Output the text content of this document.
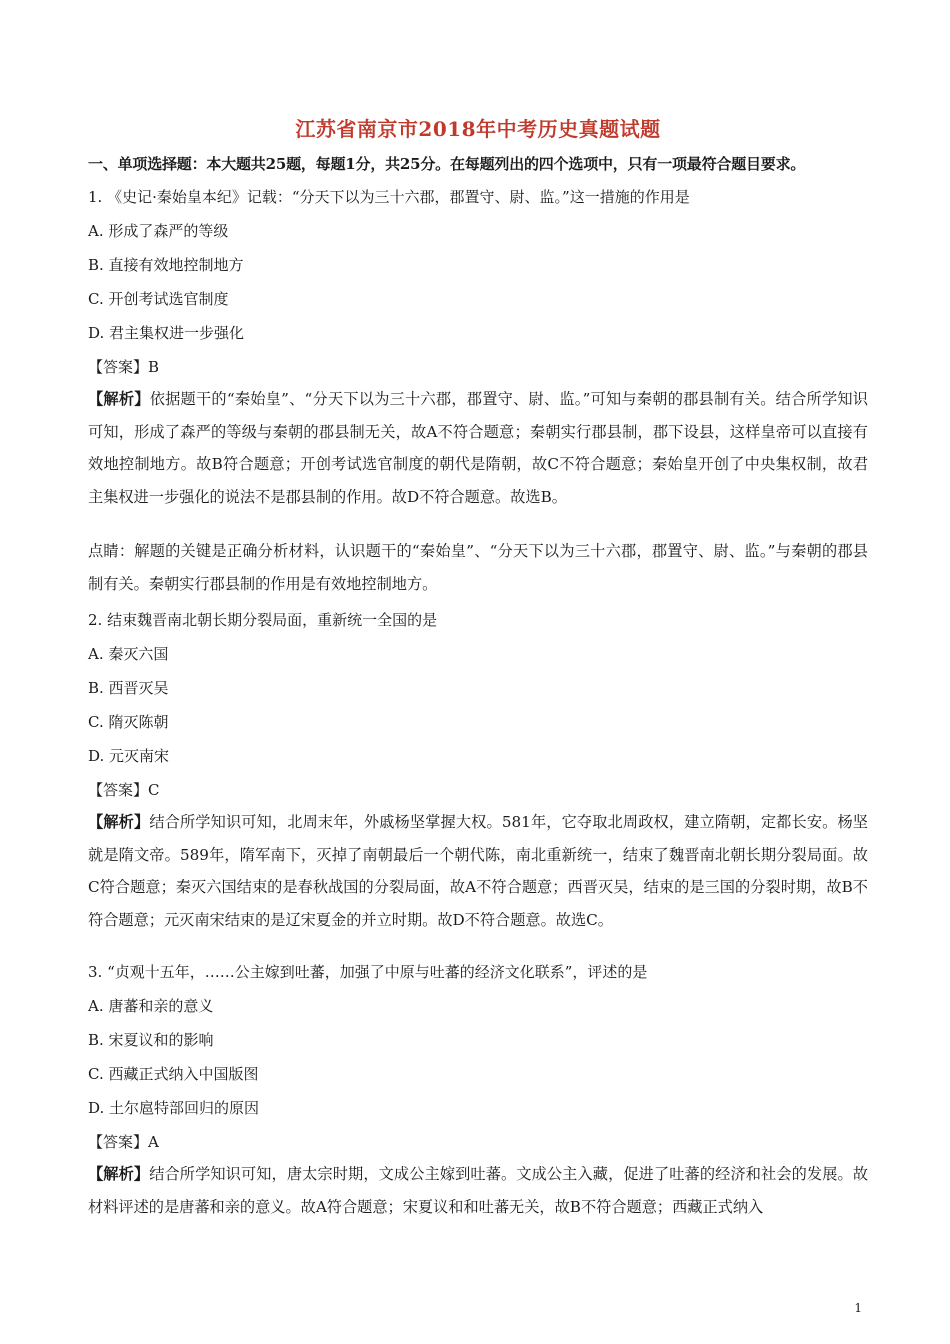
江苏省南京市2018年中考历史真题试题
一、单项选择题：本大题共25题，每题1分，共25分。在每题列出的四个选项中，只有一项最符合题目要求。
1. 《史记·秦始皇本纪》记载：“分天下以为三十六郡，郡置守、尉、监。”这一措施的作用是
A. 形成了森严的等级
B. 直接有效地控制地方
C. 开创考试选官制度
D. 君主集权进一步强化
【答案】B
【解析】依据题干的“秦始皇”、“分天下以为三十六郡，郡置守、尉、监。”可知与秦朝的郡县制有关。结合所学知识可知，形成了森严的等级与秦朝的郡县制无关，故A不符合题意；秦朝实行郡县制，郡下设县，这样皇帝可以直接有效地控制地方。故B符合题意；开创考试选官制度的朝代是隋朝，故C不符合题意；秦始皇开创了中央集权制，故君主集权进一步强化的说法不是郡县制的作用。故D不符合题意。故选B。
点睛：解题的关键是正确分析材料，认识题干的“秦始皇”、“分天下以为三十六郡，郡置守、尉、监。”与秦朝的郡县制有关。秦朝实行郡县制的作用是有效地控制地方。
2. 结束魏晋南北朝长期分裂局面，重新统一全国的是
A. 秦灭六国
B. 西晋灭吴
C. 隋灭陈朝
D. 元灭南宋
【答案】C
【解析】结合所学知识可知，北周末年，外戚杨坚掌握大权。581年，它夺取北周政权，建立隋朝，定都长安。杨坚就是隋文帝。589年，隋军南下，灭掉了南朝最后一个朝代陈，南北重新统一，结束了魏晋南北朝长期分裂局面。故C符合题意；秦灭六国结束的是春秋战国的分裂局面，故A不符合题意；西晋灭吴，结束的是三国的分裂时期，故B不符合题意；元灭南宋结束的是辽宋夏金的并立时期。故D不符合题意。故选C。
3. “贞观十五年，……公主嫁到吐蕃，加强了中原与吐蕃的经济文化联系”，评述的是
A. 唐蕃和亲的意义
B. 宋夏议和的影响
C. 西藏正式纳入中国版图
D. 土尔扈特部回归的原因
【答案】A
【解析】结合所学知识可知，唐太宗时期，文成公主嫁到吐蕃。文成公主入藏，促进了吐蕃的经济和社会的发展。故材料评述的是唐蕃和亲的意义。故A符合题意；宋夏议和和吐蕃无关，故B不符合题意；西藏正式纳入
1
